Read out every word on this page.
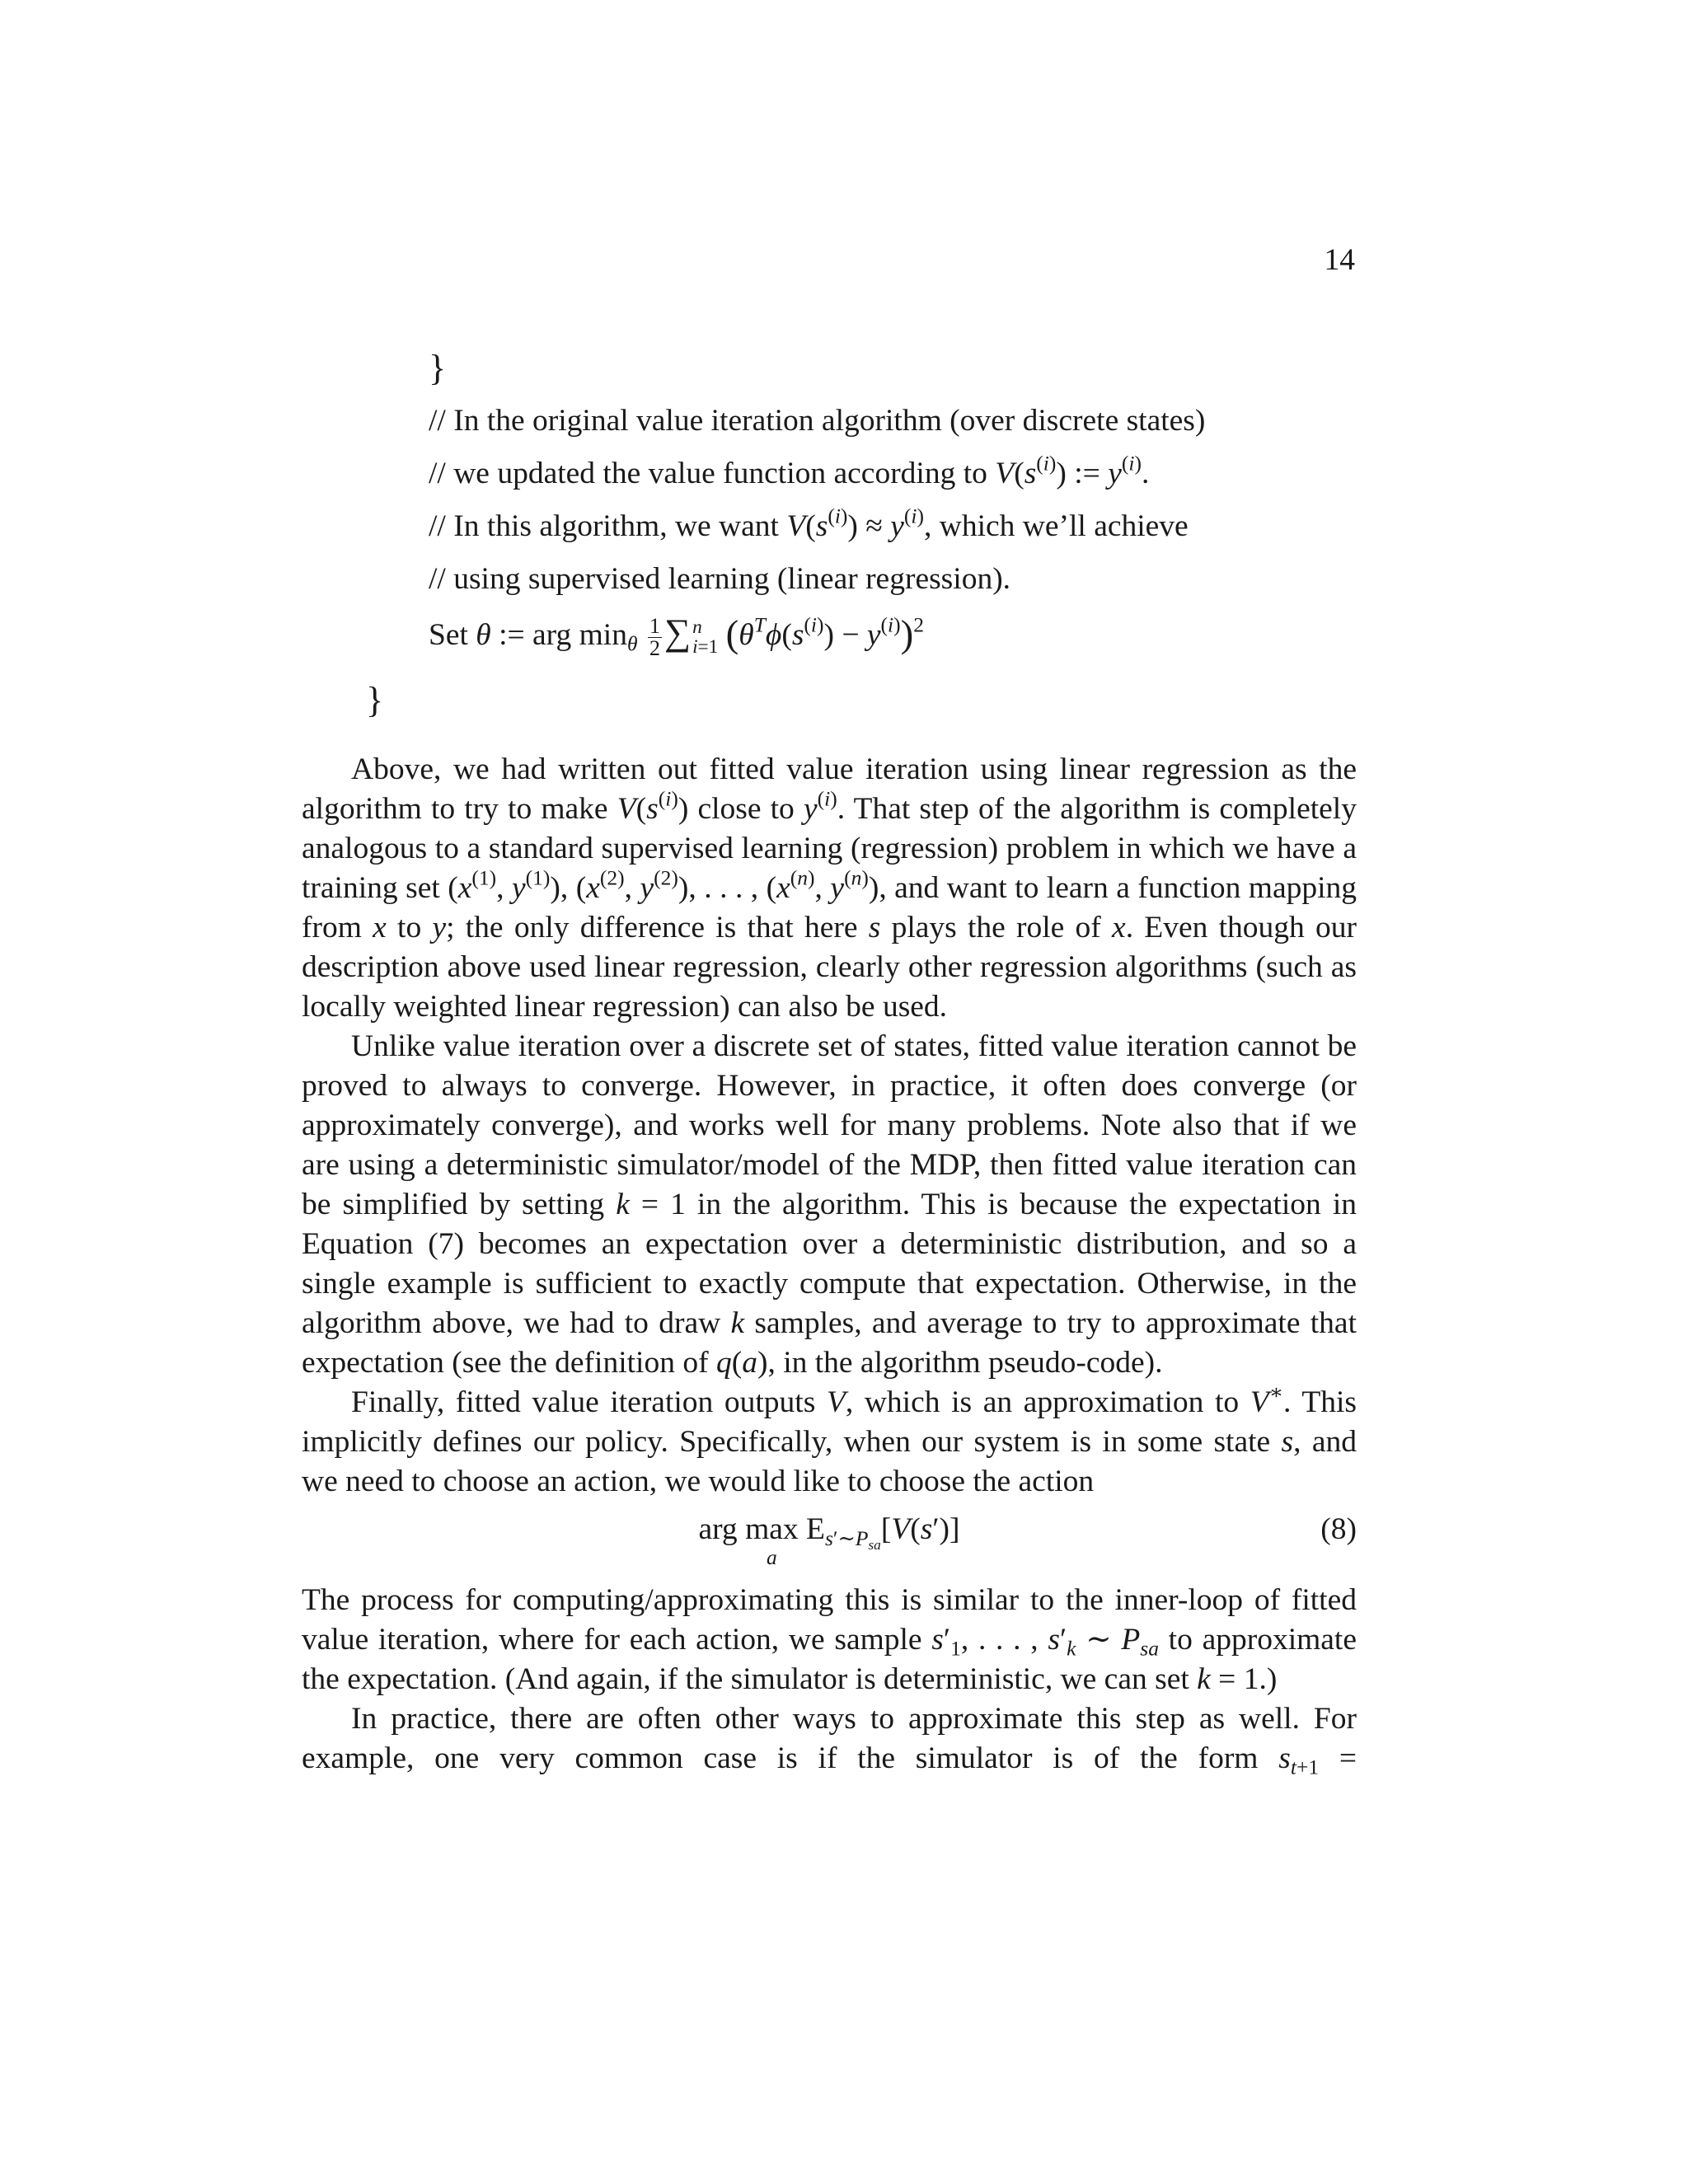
14
}
// In the original value iteration algorithm (over discrete states)
// we updated the value function according to $V(s^{(i)})$ := $y^{(i)}$.
// In this algorithm, we want $V(s^{(i)}) \approx y^{(i)}$, which we’ll achieve
// using supervised learning (linear regression).
Set θ := arg $\min_\theta \frac{1}{2}$ ∑ n
i=1 $(\theta^T\phi(s^{(i)}) - y^{(i)})^2$
}

Above, we had written out fitted value iteration using linear regression as the algorithm to try to make $V(s^{(i)})$ close to $y^{(i)}$. That step of the algorithm is completely analogous to a standard supervised learning (regression) problem in which we have a training set ($x^{(1)}$, $y^{(1)}$), ($x^{(2)}$, $y^{(2)}$), . . . , ($x^{(n)}$, $y^{(n)}$), and want to learn a function mapping from x to y; the only difference is that here s plays the role of x. Even though our description above used linear regression, clearly other regression algorithms (such as locally weighted linear regression) can also be used.

Unlike value iteration over a discrete set of states, fitted value iteration cannot be proved to always to converge. However, in practice, it often does converge (or approximately converge), and works well for many problems. Note also that if we are using a deterministic simulator/model of the MDP, then fitted value iteration can be simplified by setting k = 1 in the algorithm. This is because the expectation in Equation (7) becomes an expectation over a deterministic distribution, and so a single example is sufficient to exactly compute that expectation. Otherwise, in the algorithm above, we had to draw k samples, and average to try to approximate that expectation (see the definition of q(a), in the algorithm pseudo-code).

Finally, fitted value iteration outputs V, which is an approximation to V∗. This implicitly defines our policy. Specifically, when our system is in some state s, and we need to choose an action, we would like to choose the action

arg max
a
$E_{s'\sim P_{sa}}[V(s')]$	(8)

The process for computing/approximating this is similar to the inner-loop of fitted value iteration, where for each action, we sample $s'_1$, . . . , $s'_k$ ∼ $P_{sa}$ to approximate the expectation. (And again, if the simulator is deterministic, we can set k = 1.)

In practice, there are often other ways to approximate this step as well. For example, one very common case is if the simulator is of the form $s_{t+1}$ =
